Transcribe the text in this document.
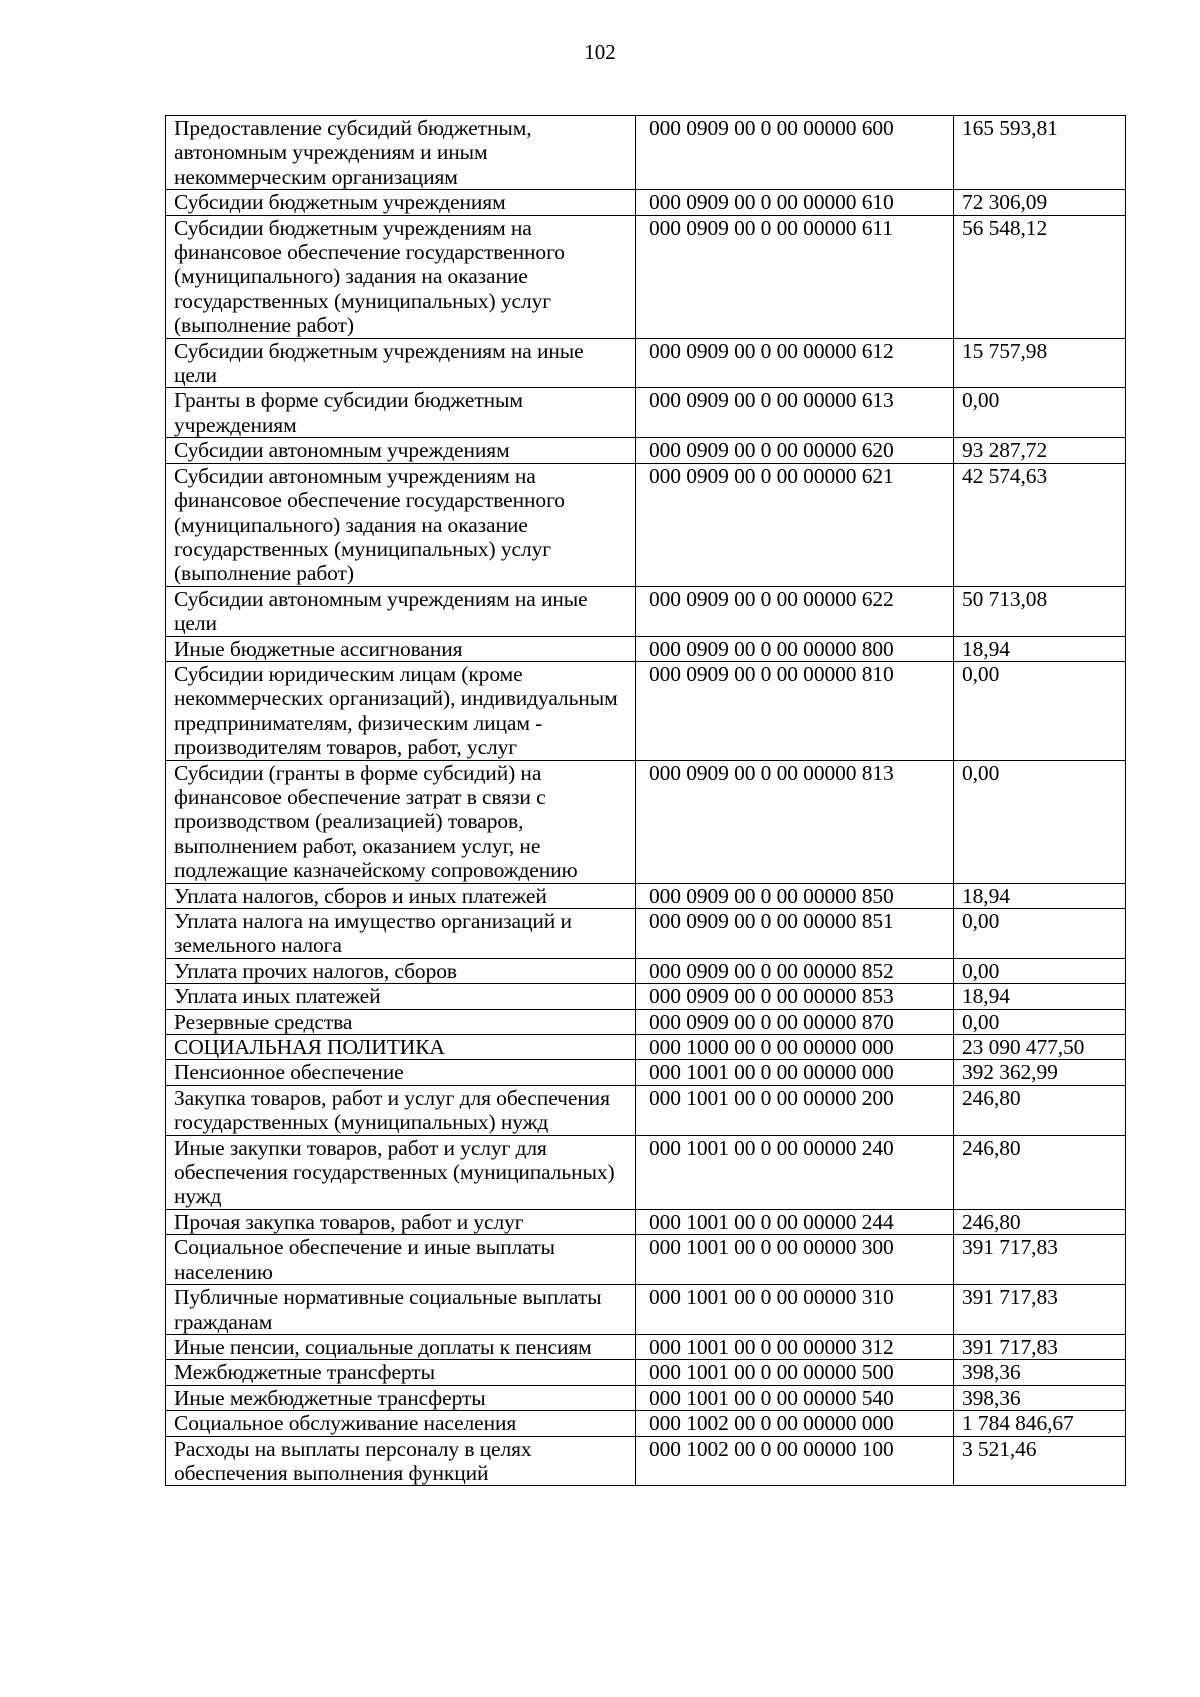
102
Предоставление субсидий бюджетным, автономным учреждениям и иным некоммерческим организациям	000 0909 00 0 00 00000 600	165 593,81
Субсидии бюджетным учреждениям	000 0909 00 0 00 00000 610	72 306,09
Субсидии бюджетным учреждениям на финансовое обеспечение государственного (муниципального) задания на оказание государственных (муниципальных) услуг (выполнение работ)	000 0909 00 0 00 00000 611	56 548,12
Субсидии бюджетным учреждениям на иные цели	000 0909 00 0 00 00000 612	15 757,98
Гранты в форме субсидии бюджетным учреждениям	000 0909 00 0 00 00000 613	0,00
Субсидии автономным учреждениям	000 0909 00 0 00 00000 620	93 287,72
Субсидии автономным учреждениям на финансовое обеспечение государственного (муниципального) задания на оказание государственных (муниципальных) услуг (выполнение работ)	000 0909 00 0 00 00000 621	42 574,63
Субсидии автономным учреждениям на иные цели	000 0909 00 0 00 00000 622	50 713,08
Иные бюджетные ассигнования	000 0909 00 0 00 00000 800	18,94
Субсидии юридическим лицам (кроме некоммерческих организаций), индивидуальным предпринимателям, физическим лицам - производителям товаров, работ, услуг	000 0909 00 0 00 00000 810	0,00
Субсидии (гранты в форме субсидий) на финансовое обеспечение затрат в связи с производством (реализацией) товаров, выполнением работ, оказанием услуг, не подлежащие казначейскому сопровождению	000 0909 00 0 00 00000 813	0,00
Уплата налогов, сборов и иных платежей	000 0909 00 0 00 00000 850	18,94
Уплата налога на имущество организаций и земельного налога	000 0909 00 0 00 00000 851	0,00
Уплата прочих налогов, сборов	000 0909 00 0 00 00000 852	0,00
Уплата иных платежей	000 0909 00 0 00 00000 853	18,94
Резервные средства	000 0909 00 0 00 00000 870	0,00
СОЦИАЛЬНАЯ ПОЛИТИКА	000 1000 00 0 00 00000 000	23 090 477,50
Пенсионное обеспечение	000 1001 00 0 00 00000 000	392 362,99
Закупка товаров, работ и услуг для обеспечения государственных (муниципальных) нужд	000 1001 00 0 00 00000 200	246,80
Иные закупки товаров, работ и услуг для обеспечения государственных (муниципальных) нужд	000 1001 00 0 00 00000 240	246,80
Прочая закупка товаров, работ и услуг	000 1001 00 0 00 00000 244	246,80
Социальное обеспечение и иные выплаты населению	000 1001 00 0 00 00000 300	391 717,83
Публичные нормативные социальные выплаты гражданам	000 1001 00 0 00 00000 310	391 717,83
Иные пенсии, социальные доплаты к пенсиям	000 1001 00 0 00 00000 312	391 717,83
Межбюджетные трансферты	000 1001 00 0 00 00000 500	398,36
Иные межбюджетные трансферты	000 1001 00 0 00 00000 540	398,36
Социальное обслуживание населения	000 1002 00 0 00 00000 000	1 784 846,67
Расходы на выплаты персоналу в целях обеспечения выполнения функций	000 1002 00 0 00 00000 100	3 521,46
